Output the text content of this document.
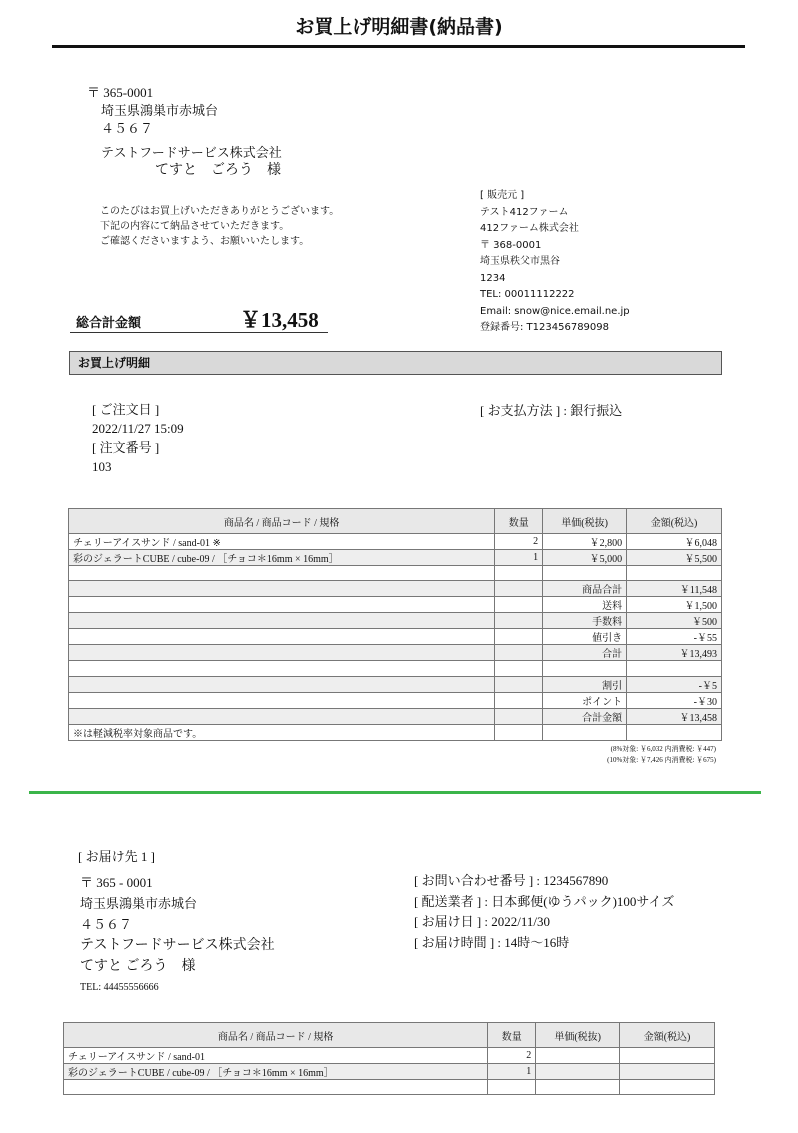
お買上げ明細書(納品書)
〒 365-0001
埼玉県鴻巣市赤城台
４５６７
テストフードサービス株式会社
てすと　ごろう　様
このたびはお買上げいただきありがとうございます。
下記の内容にて納品させていただきます。
ご確認くださいますよう、お願いいたします。
[ 販売元 ]
テスト412ファーム
412ファーム株式会社
〒 368-0001
埼玉県秩父市黒谷
1234
TEL: 00011112222
Email: snow@nice.email.ne.jp
登録番号: T123456789098
総合計金額	￥13,458
お買上げ明細
[ ご注文日 ]
2022/11/27 15:09
[ 注文番号 ]
103
[ お支払方法 ] : 銀行振込
商品名 / 商品コード / 規格	数量	単価(税抜)	金額(税込)
チェリーアイスサンド / sand-01 ※	2	￥2,800	￥6,048
彩のジェラートCUBE / cube-09 / ［チョコ＊16mm × 16mm］	1	￥5,000	￥5,500

		商品合計	￥11,548
		送料	￥1,500
		手数料	￥500
		値引き	-￥55
		合計	￥13,493

		割引	-￥5
		ポイント	-￥30
		合計金額	￥13,458
※は軽減税率対象商品です。			
(8%対象: ￥6,032 内消費税: ￥447)
(10%対象: ￥7,426 内消費税: ￥675)
[ お届け先 1 ]
〒 365 - 0001
埼玉県鴻巣市赤城台
４５６７
テストフードサービス株式会社
てすと ごろう　様
TEL: 44455556666
[ お問い合わせ番号 ] : 1234567890
[ 配送業者 ] : 日本郵便(ゆうパック)100サイズ
[ お届け日 ] : 2022/11/30
[ お届け時間 ] : 14時～16時
商品名 / 商品コード / 規格	数量	単価(税抜)	金額(税込)
チェリーアイスサンド / sand-01	2		
彩のジェラートCUBE / cube-09 / ［チョコ＊16mm × 16mm］	1		
